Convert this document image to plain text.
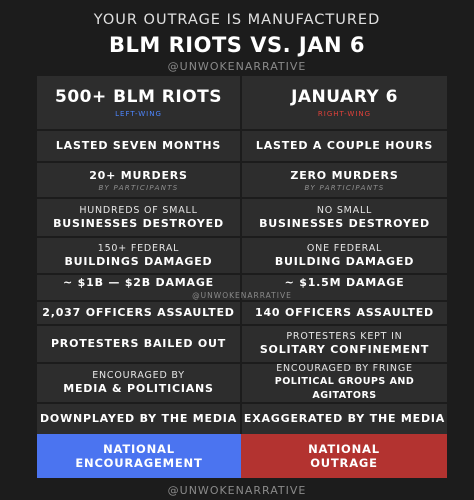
YOUR OUTRAGE IS MANUFACTURED
BLM RIOTS VS. JAN 6
@UNWOKENARRATIVE
500+ BLM RIOTS
LEFT-WING
JANUARY 6
RIGHT-WING
LASTED SEVEN MONTHS	LASTED A COUPLE HOURS
20+ MURDERS
BY PARTICIPANTS
ZERO MURDERS
BY PARTICIPANTS
HUNDREDS OF SMALL
BUSINESSES DESTROYED
NO SMALL
BUSINESSES DESTROYED
150+ FEDERAL
BUILDINGS DAMAGED
ONE FEDERAL
BUILDING DAMAGED
~ $1B — $2B DAMAGE	~ $1.5M DAMAGE
@UNWOKENARRATIVE
2,037 OFFICERS ASSAULTED 140 OFFICERS ASSAULTED
PROTESTERS BAILED OUT
PROTESTERS KEPT IN
SOLITARY CONFINEMENT
ENCOURAGED BY
MEDIA & POLITICIANS
ENCOURAGED BY FRINGE
POLITICAL GROUPS AND AGITATORS
DOWNPLAYED BY THE MEDIA EXAGGERATED BY THE MEDIA
NATIONAL
ENCOURAGEMENT
NATIONAL
OUTRAGE
@UNWOKENARRATIVE
